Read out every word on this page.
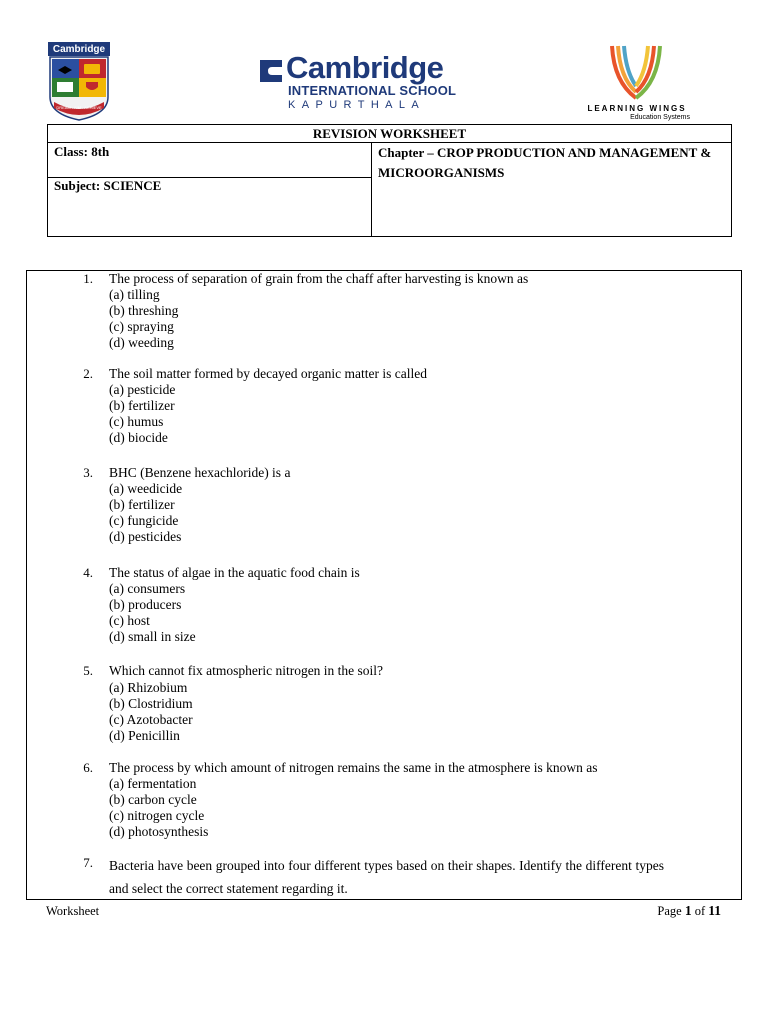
Cambridge
DREAM . AIM . ACHIEVE
Cambridge
INTERNATIONAL SCHOOL
KAPURTHALA	LEARNING WINGS
Education Systems
REVISION WORKSHEET
Class: 8th
Subject: SCIENCE
Chapter – CROP PRODUCTION AND MANAGEMENT & MICROORGANISMS
1. The process of separation of grain from the chaff after harvesting is known as
(a) tilling
(b) threshing
(c) spraying
(d) weeding
2. The soil matter formed by decayed organic matter is called
(a) pesticide
(b) fertilizer
(c) humus
(d) biocide
3. BHC (Benzene hexachloride) is a
(a) weedicide
(b) fertilizer
(c) fungicide
(d) pesticides
4. The status of algae in the aquatic food chain is
(a) consumers
(b) producers
(c) host
(d) small in size
5. Which cannot fix atmospheric nitrogen in the soil?
(a) Rhizobium
(b) Clostridium
(c) Azotobacter
(d) Penicillin
6. The process by which amount of nitrogen remains the same in the atmosphere is known as
(a) fermentation
(b) carbon cycle
(c) nitrogen cycle
(d) photosynthesis
7. Bacteria have been grouped into four different types based on their shapes. Identify the different types and select the correct statement regarding it.
Worksheet	Page 1 of 11
